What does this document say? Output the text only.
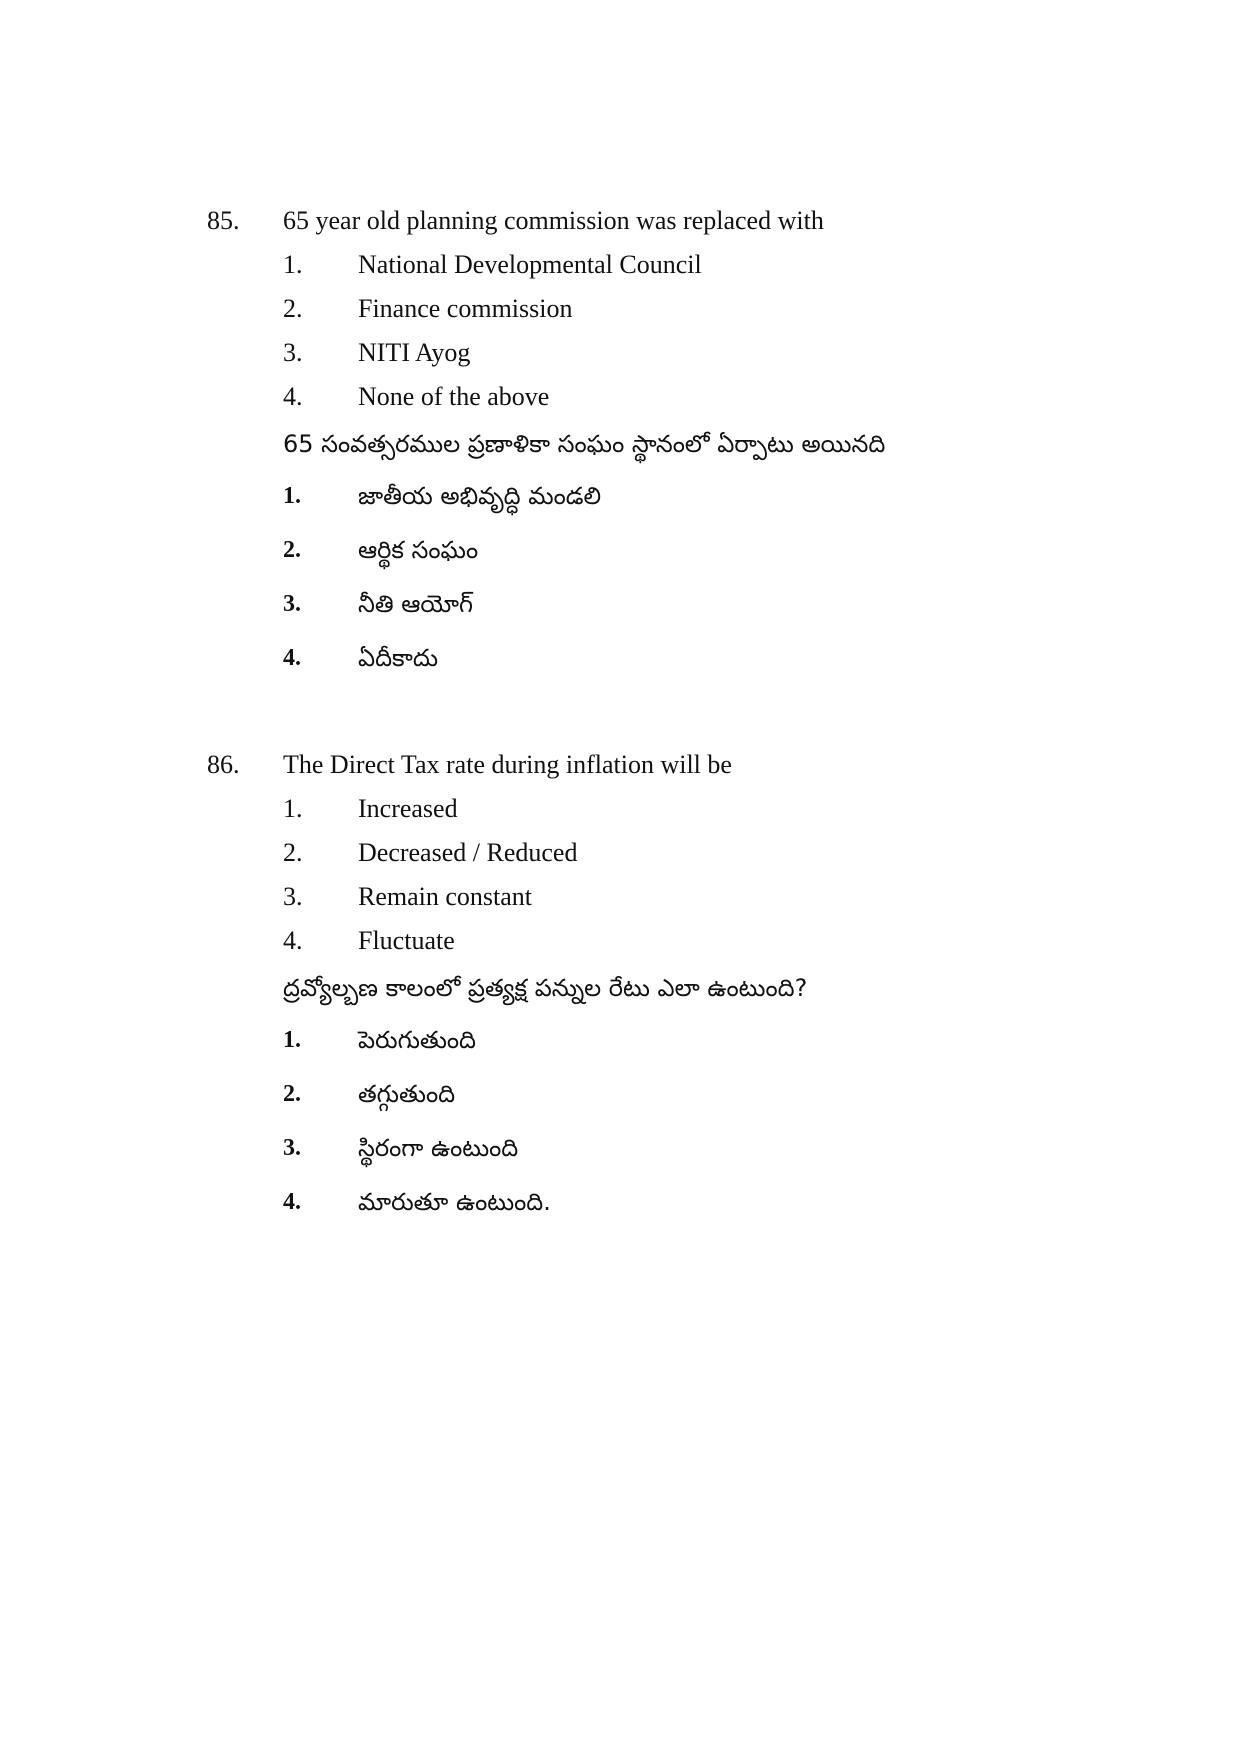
85. 65 year old planning commission was replaced with
1. National Developmental Council
2. Finance commission
3. NITI Ayog
4. None of the above
65 సంవత్సరముల ప్రణాళికా సంఘం స్థానంలో ఏర్పాటు అయినది
1. జాతీయ అభివృద్ధి మండలి
2. ఆర్థిక సంఘం
3. నీతి ఆయోగ్
4. ఏదీకాదు
86. The Direct Tax rate during inflation will be
1. Increased
2. Decreased / Reduced
3. Remain constant
4. Fluctuate
ద్రవ్యోల్బణ కాలంలో ప్రత్యక్ష పన్నుల రేటు ఎలా ఉంటుంది?
1. పెరుగుతుంది
2. తగ్గుతుంది
3. స్థిరంగా ఉంటుంది
4. మారుతూ ఉంటుంది.
